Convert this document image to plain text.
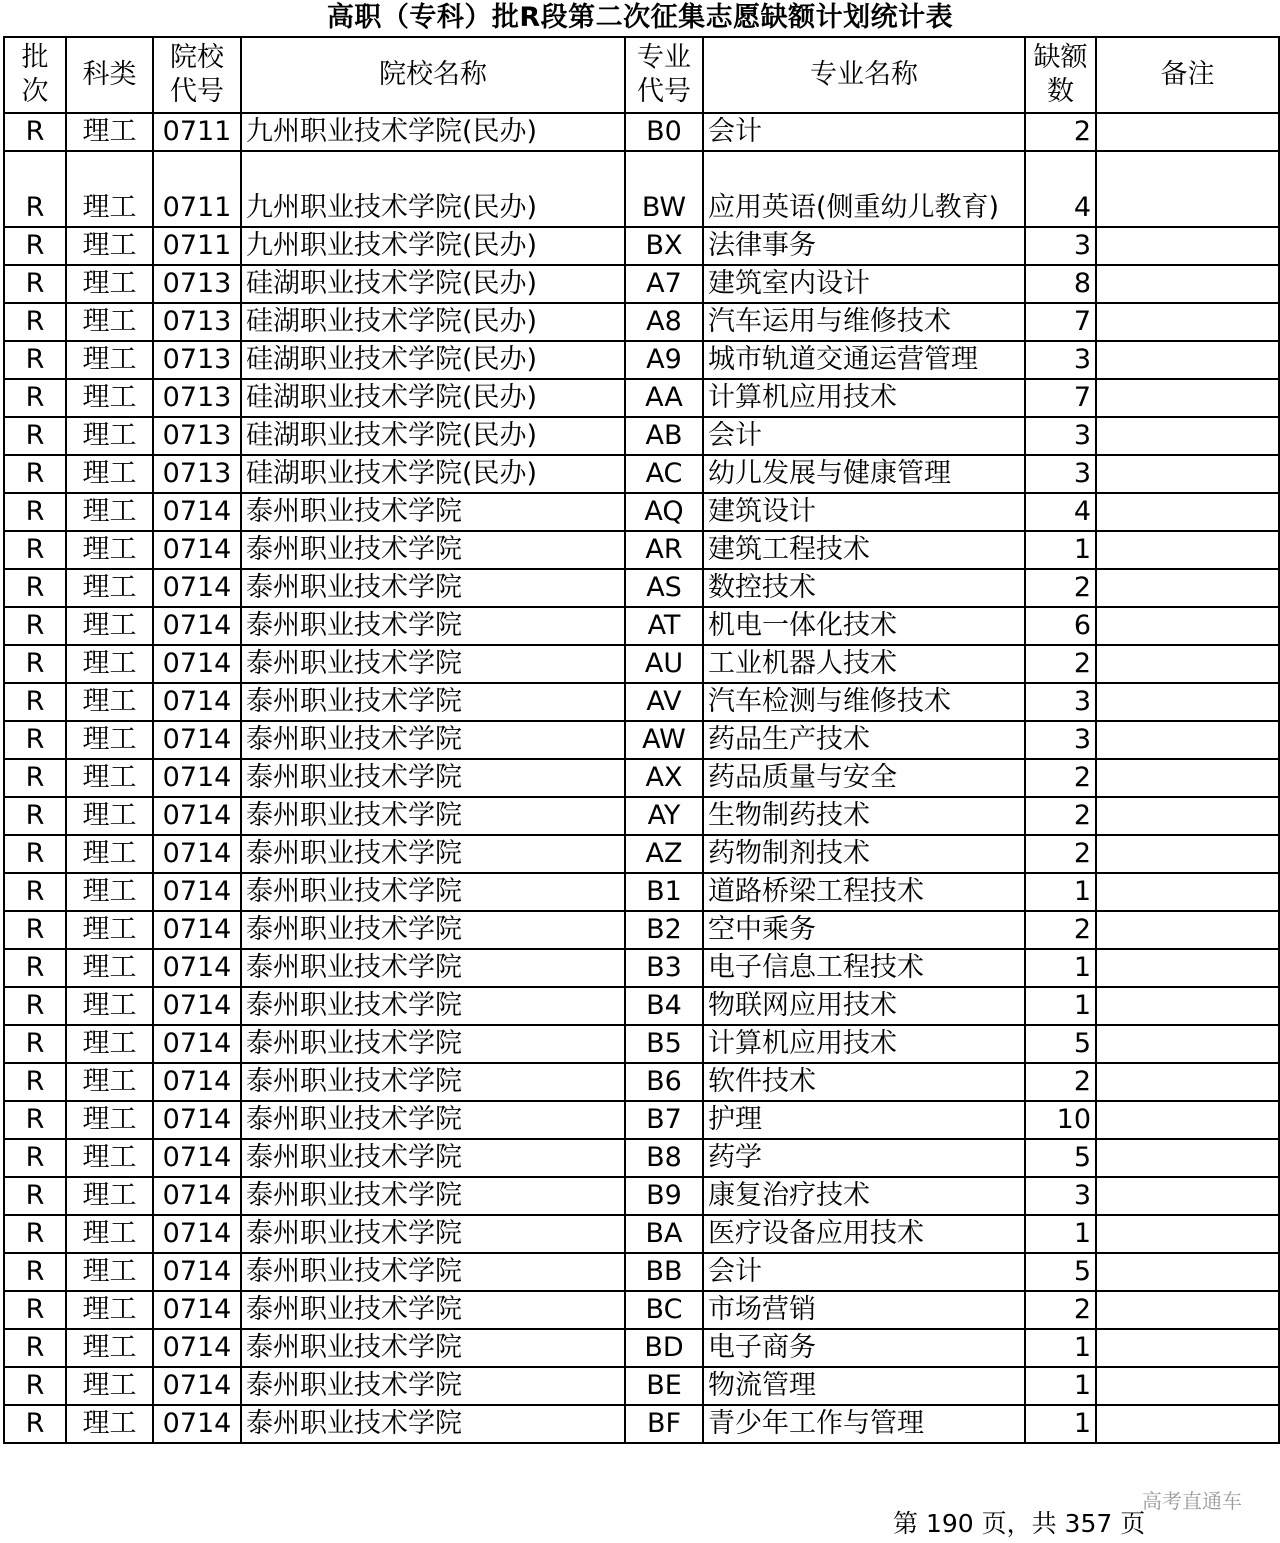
高职（专科）批R段第二次征集志愿缺额计划统计表
批次	科类	院校代号	院校名称	专业代号	专业名称	缺额数	备注
R	理工	0711	九州职业技术学院(民办)	B0	会计	2	
R	理工	0711	九州职业技术学院(民办)	BW	应用英语(侧重幼儿教育)	4	
R	理工	0711	九州职业技术学院(民办)	BX	法律事务	3	
R	理工	0713	硅湖职业技术学院(民办)	A7	建筑室内设计	8	
R	理工	0713	硅湖职业技术学院(民办)	A8	汽车运用与维修技术	7	
R	理工	0713	硅湖职业技术学院(民办)	A9	城市轨道交通运营管理	3	
R	理工	0713	硅湖职业技术学院(民办)	AA	计算机应用技术	7	
R	理工	0713	硅湖职业技术学院(民办)	AB	会计	3	
R	理工	0713	硅湖职业技术学院(民办)	AC	幼儿发展与健康管理	3	
R	理工	0714	泰州职业技术学院	AQ	建筑设计	4	
R	理工	0714	泰州职业技术学院	AR	建筑工程技术	1	
R	理工	0714	泰州职业技术学院	AS	数控技术	2	
R	理工	0714	泰州职业技术学院	AT	机电一体化技术	6	
R	理工	0714	泰州职业技术学院	AU	工业机器人技术	2	
R	理工	0714	泰州职业技术学院	AV	汽车检测与维修技术	3	
R	理工	0714	泰州职业技术学院	AW	药品生产技术	3	
R	理工	0714	泰州职业技术学院	AX	药品质量与安全	2	
R	理工	0714	泰州职业技术学院	AY	生物制药技术	2	
R	理工	0714	泰州职业技术学院	AZ	药物制剂技术	2	
R	理工	0714	泰州职业技术学院	B1	道路桥梁工程技术	1	
R	理工	0714	泰州职业技术学院	B2	空中乘务	2	
R	理工	0714	泰州职业技术学院	B3	电子信息工程技术	1	
R	理工	0714	泰州职业技术学院	B4	物联网应用技术	1	
R	理工	0714	泰州职业技术学院	B5	计算机应用技术	5	
R	理工	0714	泰州职业技术学院	B6	软件技术	2	
R	理工	0714	泰州职业技术学院	B7	护理	10	
R	理工	0714	泰州职业技术学院	B8	药学	5	
R	理工	0714	泰州职业技术学院	B9	康复治疗技术	3	
R	理工	0714	泰州职业技术学院	BA	医疗设备应用技术	1	
R	理工	0714	泰州职业技术学院	BB	会计	5	
R	理工	0714	泰州职业技术学院	BC	市场营销	2	
R	理工	0714	泰州职业技术学院	BD	电子商务	1	
R	理工	0714	泰州职业技术学院	BE	物流管理	1	
R	理工	0714	泰州职业技术学院	BF	青少年工作与管理	1	
高考直通车
第 190 页，共 357 页
